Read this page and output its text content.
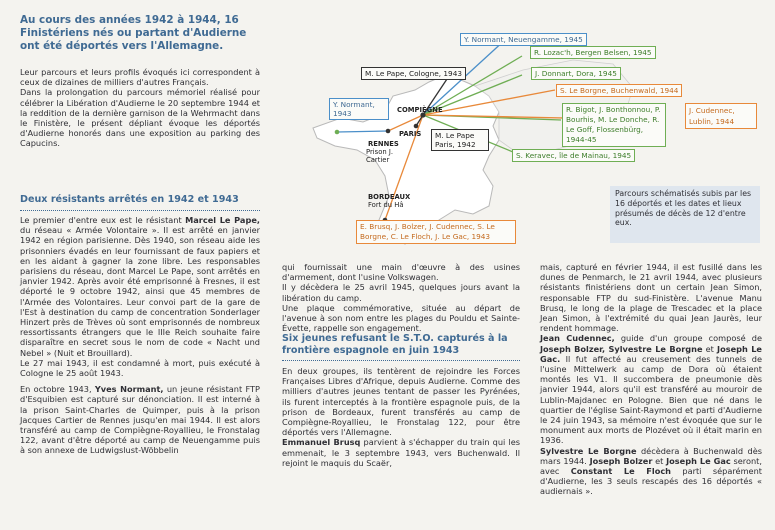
Au cours des années 1942 à 1944, 16 Finistériens nés ou partant d'Audierne ont été déportés vers l'Allemagne.

Leur parcours et leurs profils évoqués ici correspondent à ceux de dizaines de milliers d'autres Français.

Dans la prolongation du parcours mémoriel réalisé pour célébrer la Libération d'Audierne le 20 septembre 1944 et la reddition de la dernière garnison de la Wehrmacht dans le Finistère, le présent dépliant évoque les déportés d'Audierne honorés dans une exposition au parking des Capucins.

Deux résistants arrêtés en 1942 et 1943

Le premier d'entre eux est le résistant Marcel Le Pape, du réseau « Armée Volontaire ». Il est arrêté en janvier 1942 en région parisienne. Dès 1940, son réseau aide les prisonniers évadés en leur fournissant de faux papiers et en les aidant à gagner la zone libre. Les responsables parisiens du réseau, dont Marcel Le Pape, sont arrêtés en janvier 1942. Après avoir été emprisonné à Fresnes, il est déporté le 9 octobre 1942, ainsi que 45 membres de l'Armée des Volontaires. Leur convoi part de la gare de l'Est à destination du camp de concentration Sonderlager Hinzert près de Trèves où sont emprisonnés de nombreux ressortissants étrangers que le IIIe Reich souhaite faire disparaître en secret sous le nom de code « Nacht und Nebel » (Nuit et Brouillard).

Le 27 mai 1943, il est condamné à mort, puis exécuté à Cologne le 25 août 1943.

En octobre 1943, Yves Normant, un jeune résistant FTP d'Esquibien est capturé sur dénonciation. Il est interné à la prison Saint-Charles de Quimper, puis à la prison Jacques Cartier de Rennes jusqu'en mai 1944. Il est alors transféré au camp de Compiègne-Royallieu, le Fronstalag 122, avant d'être déporté au camp de Neuengamme puis à son annexe de Ludwigslust-Wöbbelin

qui fournissait une main d'œuvre à des usines d'armement, dont l'usine Volkswagen.

Il y décèdera le 25 avril 1945, quelques jours avant la libération du camp.

Une plaque commémorative, située au départ de l'avenue à son nom entre les plages du Pouldu et Sainte-Évette, rappelle son engagement.

Six jeunes refusant le S.T.O. capturés à la frontière espagnole en juin 1943

En deux groupes, ils tentèrent de rejoindre les Forces Françaises Libres d'Afrique, depuis Audierne. Comme des milliers d'autres jeunes tentant de passer les Pyrénées, ils furent interceptés à la frontière espagnole puis, de la prison de Bordeaux, furent transférés au camp de Compiègne-Royallieu, le Fronstalag 122, pour être déportés vers l'Allemagne.

Emmanuel Brusq parvient à s'échapper du train qui les emmenait, le 3 septembre 1943, vers Buchenwald. Il rejoint le maquis du Scaër,

mais, capturé en février 1944, il est fusillé dans les dunes de Penmarch, le 21 avril 1944, avec plusieurs résistants finistériens dont un certain Jean Simon, responsable FTP du sud-Finistère. L'avenue Manu Brusq, le long de la plage de Trescadec et la place Jean Simon, à l'extrémité du quai Jean Jaurès, leur rendent hommage.

Jean Cudennec, guide d'un groupe composé de Joseph Bolzer, Sylvestre Le Borgne et Joseph Le Gac. Il fut affecté au creusement des tunnels de l'usine Mittelwerk au camp de Dora où étaient montés les V1. Il succombera de pneumonie dès janvier 1944, alors qu'il est transféré au mouroir de Lublin-Majdanec en Pologne. Bien que né dans le quartier de l'église Saint-Raymond et parti d'Audierne le 24 juin 1943, sa mémoire n'est évoquée que sur le monument aux morts de Plozévet où il était marin en 1936.

Sylvestre Le Borgne décèdera à Buchenwald dès mars 1944. Joseph Bolzer et Joseph Le Gac seront, avec Constant Le Floch parti séparément d'Audierne, les 3 seuls rescapés des 16 déportés « audiernais ».

Y. Normant, Neuengamme, 1945
R. Lozac'h, Bergen Belsen, 1945
J. Donnart, Dora, 1945
M. Le Pape, Cologne, 1943
S. Le Borgne, Buchenwald, 1944
Y. Normant, 1943	R. Bigot, J. Bonthonnou, P. Bourhis, M. Le Donche, R. Le Goff, Flossenbürg, 1944-45
J. Cudennec, Lublin, 1944
M. Le Pape Paris, 1942
S. Keravec, île de Mainau, 1945
E. Brusq, J. Bolzer, J. Cudennec, S. Le Borgne, C. Le Floch, J. Le Gac, 1943
COMPIÈGNE
PARIS
RENNES
Prison J. Cartier
BORDEAUX
Fort du Hâ
Parcours schématisés subis par les 16 déportés et les dates et lieux présumés de décès de 12 d'entre eux.
